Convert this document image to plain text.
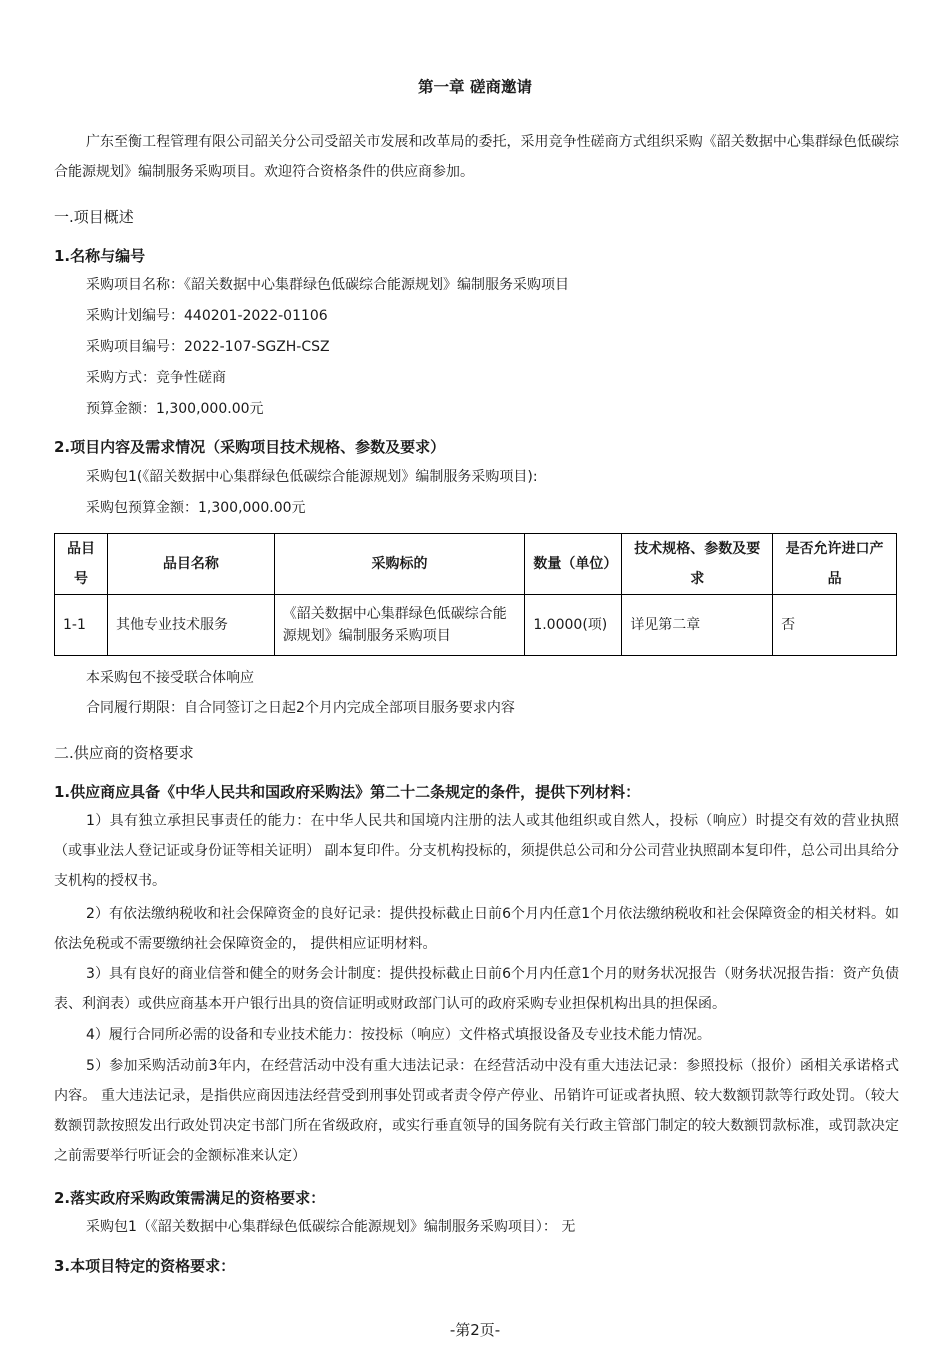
第一章 磋商邀请
广东至衡工程管理有限公司韶关分公司受韶关市发展和改革局的委托，采用竞争性磋商方式组织采购《韶关数据中心集群绿色低碳综合能源规划》编制服务采购项目。欢迎符合资格条件的供应商参加。
一.项目概述
1.名称与编号
采购项目名称：《韶关数据中心集群绿色低碳综合能源规划》编制服务采购项目
采购计划编号：440201-2022-01106
采购项目编号：2022-107-SGZH-CSZ
采购方式：竞争性磋商
预算金额：1,300,000.00元
2.项目内容及需求情况（采购项目技术规格、参数及要求）
采购包1(《韶关数据中心集群绿色低碳综合能源规划》编制服务采购项目):
采购包预算金额：1,300,000.00元
品目号	品目名称	采购标的	数量（单位）	技术规格、参数及要求	是否允许进口产品
1-1	其他专业技术服务	《韶关数据中心集群绿色低碳综合能源规划》编制服务采购项目	1.0000(项)	详见第二章	否
本采购包不接受联合体响应
合同履行期限：自合同签订之日起2个月内完成全部项目服务要求内容
二.供应商的资格要求
1.供应商应具备《中华人民共和国政府采购法》第二十二条规定的条件，提供下列材料：
1）具有独立承担民事责任的能力：在中华人民共和国境内注册的法人或其他组织或自然人，投标（响应）时提交有效的营业执照（或事业法人登记证或身份证等相关证明） 副本复印件。分支机构投标的，须提供总公司和分公司营业执照副本复印件，总公司出具给分支机构的授权书。
2）有依法缴纳税收和社会保障资金的良好记录：提供投标截止日前6个月内任意1个月依法缴纳税收和社会保障资金的相关材料。如依法免税或不需要缴纳社会保障资金的， 提供相应证明材料。
3）具有良好的商业信誉和健全的财务会计制度：提供投标截止日前6个月内任意1个月的财务状况报告（财务状况报告指：资产负债表、利润表）或供应商基本开户银行出具的资信证明或财政部门认可的政府采购专业担保机构出具的担保函。
4）履行合同所必需的设备和专业技术能力：按投标（响应）文件格式填报设备及专业技术能力情况。
5）参加采购活动前3年内，在经营活动中没有重大违法记录：在经营活动中没有重大违法记录：参照投标（报价）函相关承诺格式内容。 重大违法记录，是指供应商因违法经营受到刑事处罚或者责令停产停业、吊销许可证或者执照、较大数额罚款等行政处罚。（较大数额罚款按照发出行政处罚决定书部门所在省级政府，或实行垂直领导的国务院有关行政主管部门制定的较大数额罚款标准，或罚款决定之前需要举行听证会的金额标准来认定）
2.落实政府采购政策需满足的资格要求：
采购包1（《韶关数据中心集群绿色低碳综合能源规划》编制服务采购项目）： 无
3.本项目特定的资格要求：
-第2页-
